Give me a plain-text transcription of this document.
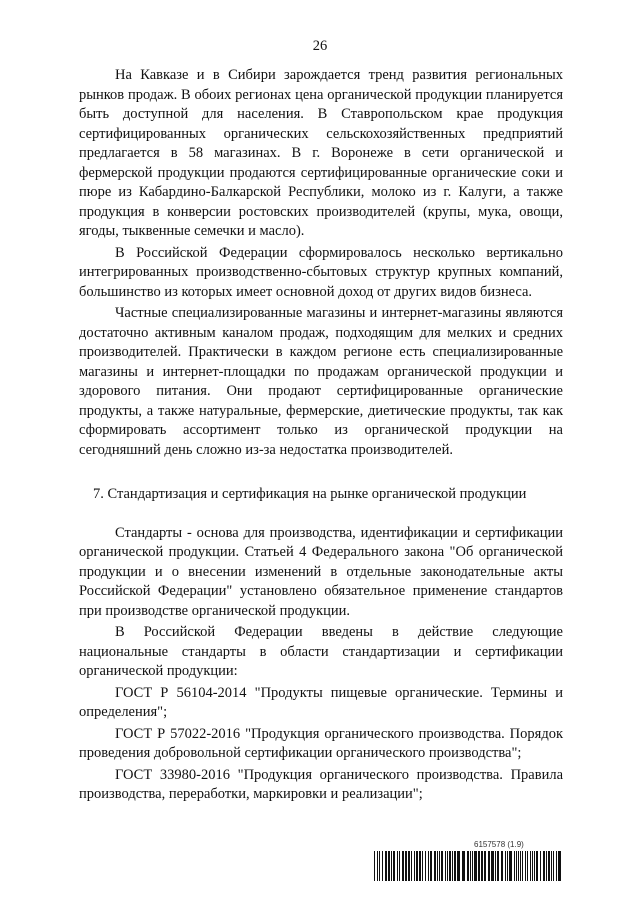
26

На Кавказе и в Сибири зарождается тренд развития региональных рынков продаж. В обоих регионах цена органической продукции планируется быть доступной для населения. В Ставропольском крае продукция сертифицированных органических сельскохозяйственных предприятий предлагается в 58 магазинах. В г. Воронеже в сети органической и фермерской продукции продаются сертифицированные органические соки и пюре из Кабардино-Балкарской Республики, молоко из г. Калуги, а также продукция в конверсии ростовских производителей (крупы, мука, овощи, ягоды, тыквенные семечки и масло).

В Российской Федерации сформировалось несколько вертикально интегрированных производственно-сбытовых структур крупных компаний, большинство из которых имеет основной доход от других видов бизнеса.

Частные специализированные магазины и интернет-магазины являются достаточно активным каналом продаж, подходящим для мелких и средних производителей. Практически в каждом регионе есть специализированные магазины и интернет-площадки по продажам органической продукции и здорового питания. Они продают сертифицированные органические продукты, а также натуральные, фермерские, диетические продукты, так как сформировать ассортимент только из органической продукции на сегодняшний день сложно из-за недостатка производителей.

7. Стандартизация и сертификация на рынке органической продукции

Стандарты - основа для производства, идентификации и сертификации органической продукции. Статьей 4 Федерального закона "Об органической продукции и о внесении изменений в отдельные законодательные акты Российской Федерации" установлено обязательное применение стандартов при производстве органической продукции.

В Российской Федерации введены в действие следующие национальные стандарты в области стандартизации и сертификации органической продукции:

ГОСТ Р 56104-2014 "Продукты пищевые органические. Термины и определения";

ГОСТ Р 57022-2016 "Продукция органического производства. Порядок проведения добровольной сертификации органического производства";

ГОСТ 33980-2016 "Продукция органического производства. Правила производства, переработки, маркировки и реализации";

6157578 (1.9)
